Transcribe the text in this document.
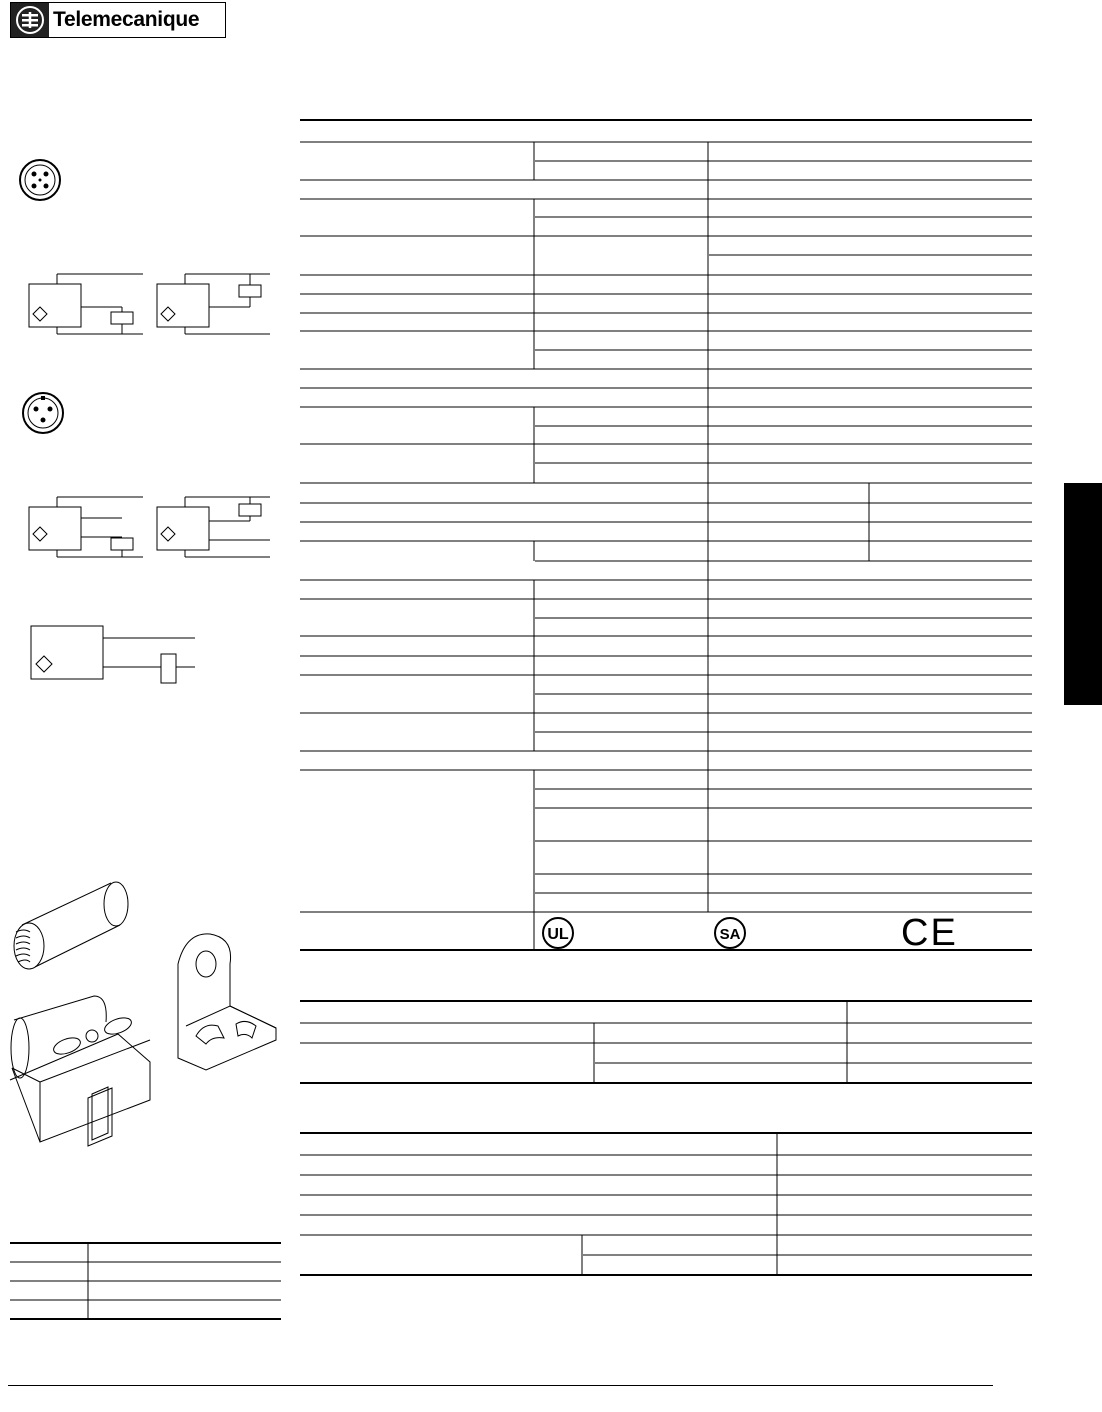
Telemecanique
UL	SA	CE
